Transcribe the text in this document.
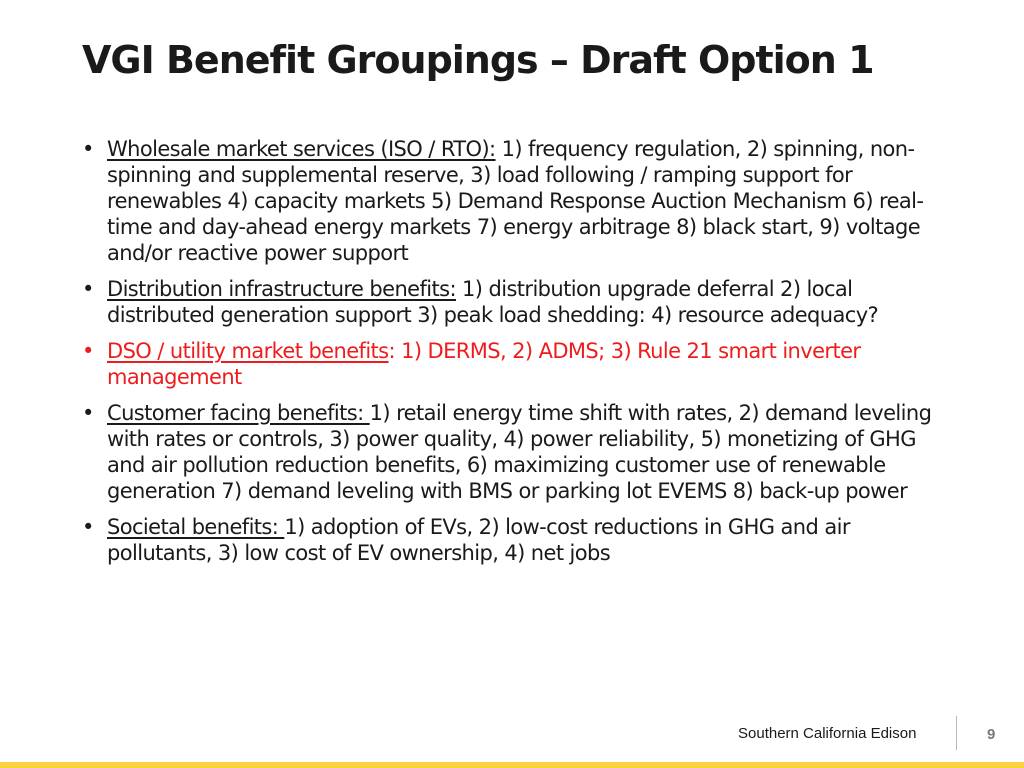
VGI Benefit Groupings – Draft Option 1
• Wholesale market services (ISO / RTO): 1) frequency regulation, 2) spinning, non-spinning and supplemental reserve, 3) load following / ramping support for renewables 4) capacity markets 5) Demand Response Auction Mechanism 6) real-time and day-ahead energy markets 7) energy arbitrage 8) black start, 9) voltage and/or reactive power support
• Distribution infrastructure benefits: 1) distribution upgrade deferral 2) local distributed generation support 3) peak load shedding: 4) resource adequacy?
• DSO / utility market benefits: 1) DERMS, 2) ADMS; 3) Rule 21 smart inverter management
• Customer facing benefits: 1) retail energy time shift with rates, 2) demand leveling with rates or controls, 3) power quality, 4) power reliability, 5) monetizing of GHG and air pollution reduction benefits, 6) maximizing customer use of renewable generation 7) demand leveling with BMS or parking lot EVEMS 8) back-up power
• Societal benefits: 1) adoption of EVs, 2) low-cost reductions in GHG and air pollutants, 3) low cost of EV ownership, 4) net jobs
Southern California Edison	9
